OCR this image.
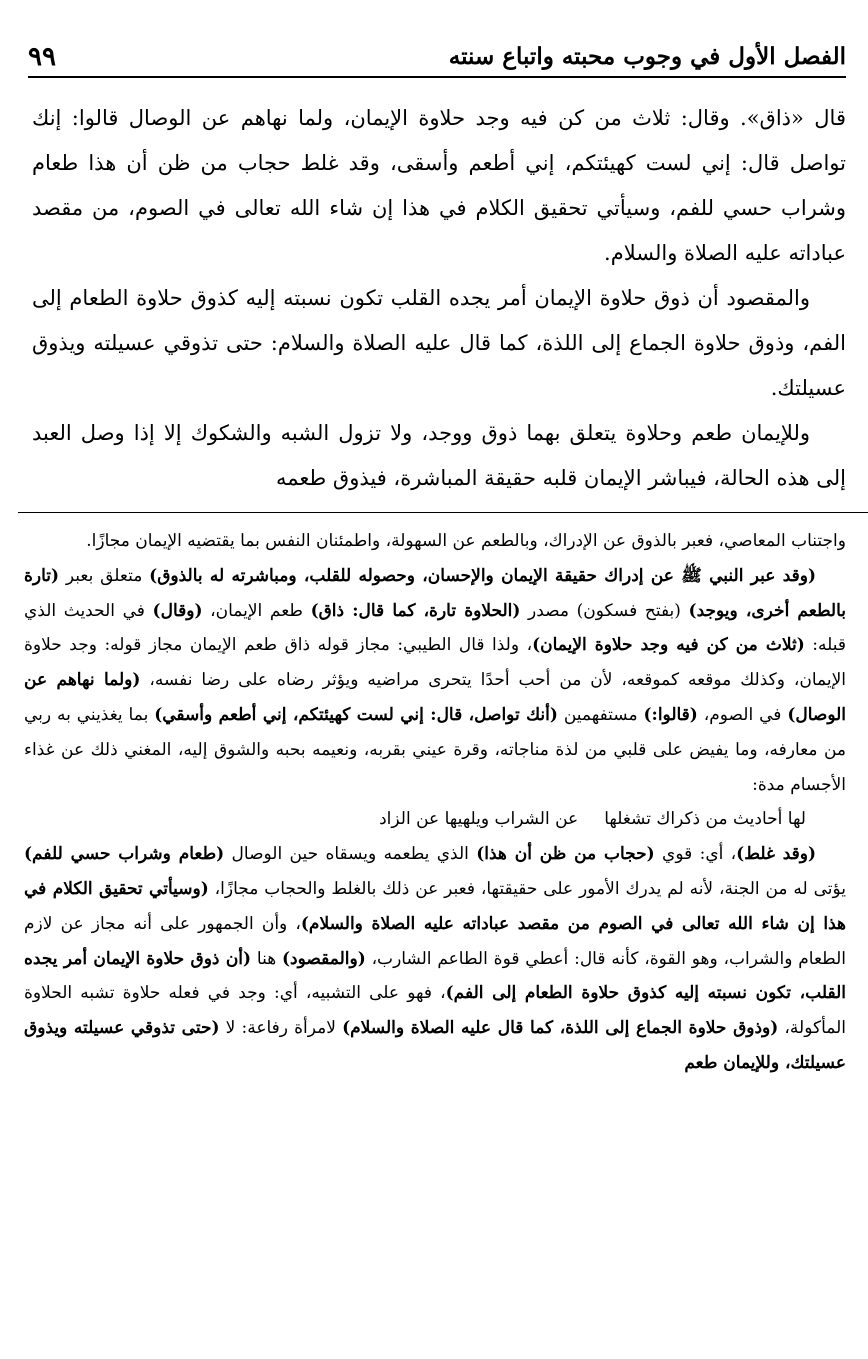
الفصل الأول في وجوب محبته واتباع سنته
٩٩

قال «ذاق». وقال: ثلاث من كن فيه وجد حلاوة الإيمان، ولما نهاهم عن الوصال قالوا: إنك تواصل قال: إني لست كهيئتكم، إني أطعم وأسقى، وقد غلط حجاب من ظن أن هذا طعام وشراب حسي للفم، وسيأتي تحقيق الكلام في هذا إن شاء الله تعالى في الصوم، من مقصد عباداته عليه الصلاة والسلام.

والمقصود أن ذوق حلاوة الإيمان أمر يجده القلب تكون نسبته إليه كذوق حلاوة الطعام إلى الفم، وذوق حلاوة الجماع إلى اللذة، كما قال عليه الصلاة والسلام: حتى تذوقي عسيلته ويذوق عسيلتك.

وللإيمان طعم وحلاوة يتعلق بهما ذوق ووجد، ولا تزول الشبه والشكوك إلا إذا وصل العبد إلى هذه الحالة، فيباشر الإيمان قلبه حقيقة المباشرة، فيذوق طعمه

واجتناب المعاصي، فعبر بالذوق عن الإدراك، وبالطعم عن السهولة، واطمئنان النفس بما يقتضيه الإيمان مجازًا.

(وقد عبر النبي ﷺ عن إدراك حقيقة الإيمان والإحسان، وحصوله للقلب، ومباشرته له بالذوق) متعلق بعبر (تارة بالطعم أخرى، ويوجد) (بفتح فسكون) مصدر (الحلاوة تارة، كما قال: ذاق) طعم الإيمان، (وقال) في الحديث الذي قبله: (ثلاث من كن فيه وجد حلاوة الإيمان)، ولذا قال الطيبي: مجاز قوله ذاق طعم الإيمان مجاز قوله: وجد حلاوة الإيمان، وكذلك موقعه كموقعه، لأن من أحب أحدًا يتحرى مراضيه ويؤثر رضاه على رضا نفسه، (ولما نهاهم عن الوصال) في الصوم، (قالوا:) مستفهمين (أنك تواصل، قال: إني لست كهيئتكم، إني أطعم وأسقي) بما يغذيني به ربي من معارفه، وما يفيض على قلبي من لذة مناجاته، وقرة عيني بقربه، ونعيمه بحبه والشوق إليه، المغني ذلك عن غذاء الأجسام مدة:

لها أحاديث من ذكراك تشغلها
عن الشراب ويلهيها عن الزاد

(وقد غلط)، أي: قوي (حجاب من ظن أن هذا) الذي يطعمه ويسقاه حين الوصال (طعام وشراب حسي للفم) يؤتى له من الجنة، لأنه لم يدرك الأمور على حقيقتها، فعبر عن ذلك بالغلط والحجاب مجازًا، (وسيأتي تحقيق الكلام في هذا إن شاء الله تعالى في الصوم من مقصد عباداته عليه الصلاة والسلام)، وأن الجمهور على أنه مجاز عن لازم الطعام والشراب، وهو القوة، كأنه قال: أعطي قوة الطاعم الشارب، (والمقصود) هنا (أن ذوق حلاوة الإيمان أمر يجده القلب، تكون نسبته إليه كذوق حلاوة الطعام إلى الفم)، فهو على التشبيه، أي: وجد في فعله حلاوة تشبه الحلاوة المأكولة، (وذوق حلاوة الجماع إلى اللذة، كما قال عليه الصلاة والسلام) لامرأة رفاعة: لا (حتى تذوقي عسيلته ويذوق عسيلتك، وللإيمان طعم
